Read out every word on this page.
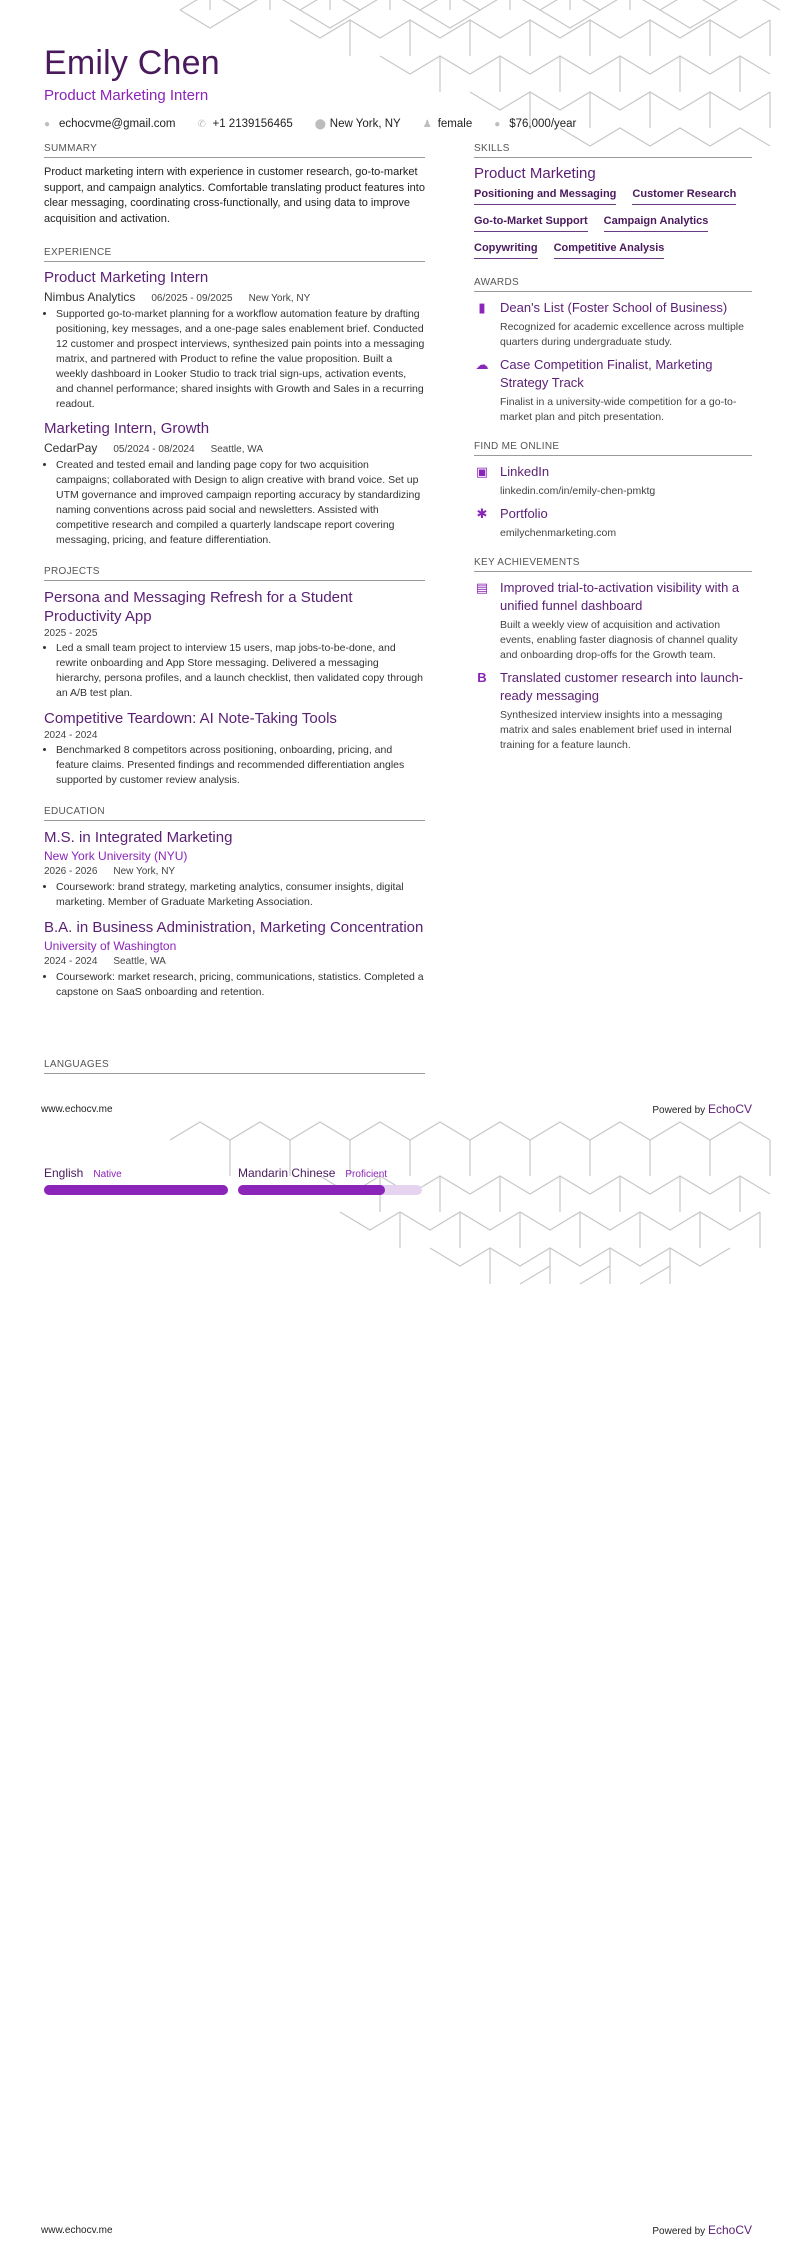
Emily Chen
Product Marketing Intern
● echocvme@gmail.com ✆ +1 2139156465 ⬤ New York, NY ♟ female ● $76,000/year
SUMMARY
Product marketing intern with experience in customer research, go-to-market support, and campaign analytics. Comfortable translating product features into clear messaging, coordinating cross-functionally, and using data to improve acquisition and activation.
EXPERIENCE
Product Marketing Intern
Nimbus Analytics 06/2025 - 09/2025 New York, NY
• Supported go-to-market planning for a workflow automation feature by drafting positioning, key messages, and a one-page sales enablement brief. Conducted 12 customer and prospect interviews, synthesized pain points into a messaging matrix, and partnered with Product to refine the value proposition. Built a weekly dashboard in Looker Studio to track trial sign-ups, activation events, and channel performance; shared insights with Growth and Sales in a recurring readout.
Marketing Intern, Growth
CedarPay 05/2024 - 08/2024 Seattle, WA
• Created and tested email and landing page copy for two acquisition campaigns; collaborated with Design to align creative with brand voice. Set up UTM governance and improved campaign reporting accuracy by standardizing naming conventions across paid social and newsletters. Assisted with competitive research and compiled a quarterly landscape report covering messaging, pricing, and feature differentiation.
PROJECTS
Persona and Messaging Refresh for a Student Productivity App
2025 - 2025
• Led a small team project to interview 15 users, map jobs-to-be-done, and rewrite onboarding and App Store messaging. Delivered a messaging hierarchy, persona profiles, and a launch checklist, then validated copy through an A/B test plan.
Competitive Teardown: AI Note-Taking Tools
2024 - 2024
• Benchmarked 8 competitors across positioning, onboarding, pricing, and feature claims. Presented findings and recommended differentiation angles supported by customer review analysis.
EDUCATION
M.S. in Integrated Marketing
New York University (NYU)
2026 - 2026 New York, NY
• Coursework: brand strategy, marketing analytics, consumer insights, digital marketing. Member of Graduate Marketing Association.
B.A. in Business Administration, Marketing Concentration
University of Washington
2024 - 2024 Seattle, WA
• Coursework: market research, pricing, communications, statistics. Completed a capstone on SaaS onboarding and retention.
SKILLS
Product Marketing
Positioning and Messaging Customer Research
Go-to-Market Support Campaign Analytics
Copywriting Competitive Analysis
AWARDS
▮	Dean's List (Foster School of Business)
Recognized for academic excellence across multiple quarters during undergraduate study.
☁ Case Competition Finalist, Marketing Strategy Track
Finalist in a university-wide competition for a go-to-market plan and pitch presentation.
FIND ME ONLINE
▣ LinkedIn
linkedin.com/in/emily-chen-pmktg
✱ Portfolio
emilychenmarketing.com
KEY ACHIEVEMENTS
▤ Improved trial-to-activation visibility with a unified funnel dashboard
Built a weekly view of acquisition and activation events, enabling faster diagnosis of channel quality and onboarding drop-offs for the Growth team.
B Translated customer research into launch-ready messaging
Synthesized interview insights into a messaging matrix and sales enablement brief used in internal training for a feature launch.
LANGUAGES
www.echocv.me	Powered by EchoCV
English Native	Mandarin Chinese Proficient
www.echocv.me	Powered by EchoCV
